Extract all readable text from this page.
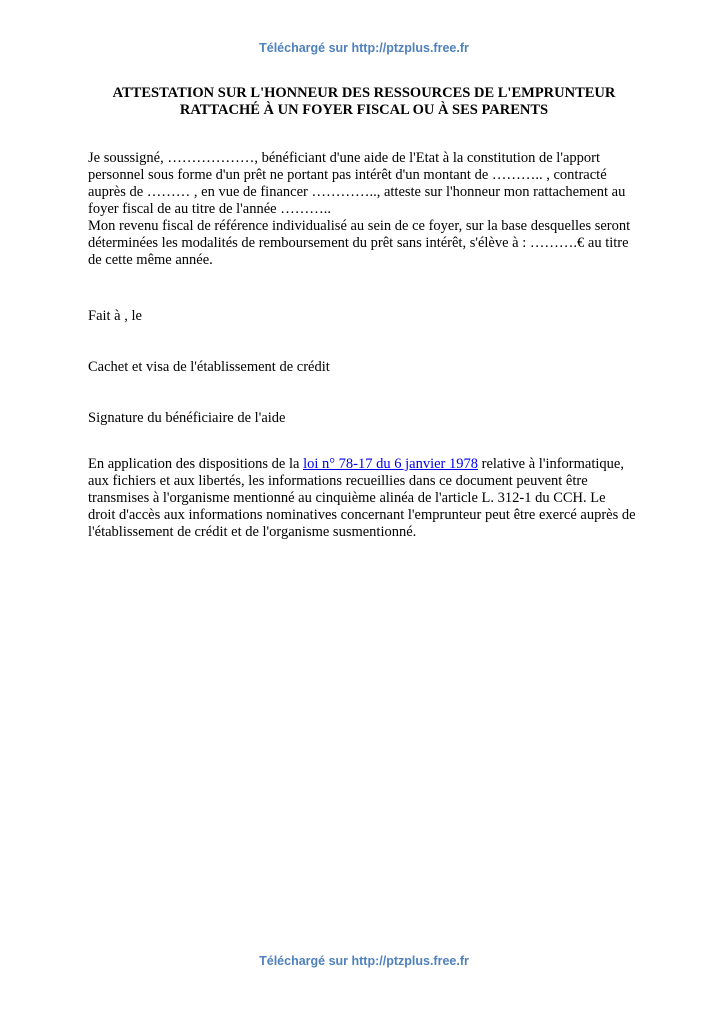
Téléchargé sur http://ptzplus.free.fr
ATTESTATION SUR L'HONNEUR DES RESSOURCES DE L'EMPRUNTEUR
RATTACHÉ À UN FOYER FISCAL OU À SES PARENTS
Je soussigné, ………………, bénéficiant d'une aide de l'Etat à la constitution de l'apport
personnel sous forme d'un prêt ne portant pas intérêt d'un montant de ……….. , contracté
auprès de ……… , en vue de financer ………….., atteste sur l'honneur mon rattachement au
foyer fiscal de au titre de l'année ………..
Mon revenu fiscal de référence individualisé au sein de ce foyer, sur la base desquelles seront
déterminées les modalités de remboursement du prêt sans intérêt, s'élève à : ……….€ au titre
de cette même année.
Fait à , le
Cachet et visa de l'établissement de crédit
Signature du bénéficiaire de l'aide
En application des dispositions de la loi n° 78-17 du 6 janvier 1978 relative à l'informatique,
aux fichiers et aux libertés, les informations recueillies dans ce document peuvent être
transmises à l'organisme mentionné au cinquième alinéa de l'article L. 312-1 du CCH. Le
droit d'accès aux informations nominatives concernant l'emprunteur peut être exercé auprès de
l'établissement de crédit et de l'organisme susmentionné.
Téléchargé sur http://ptzplus.free.fr
